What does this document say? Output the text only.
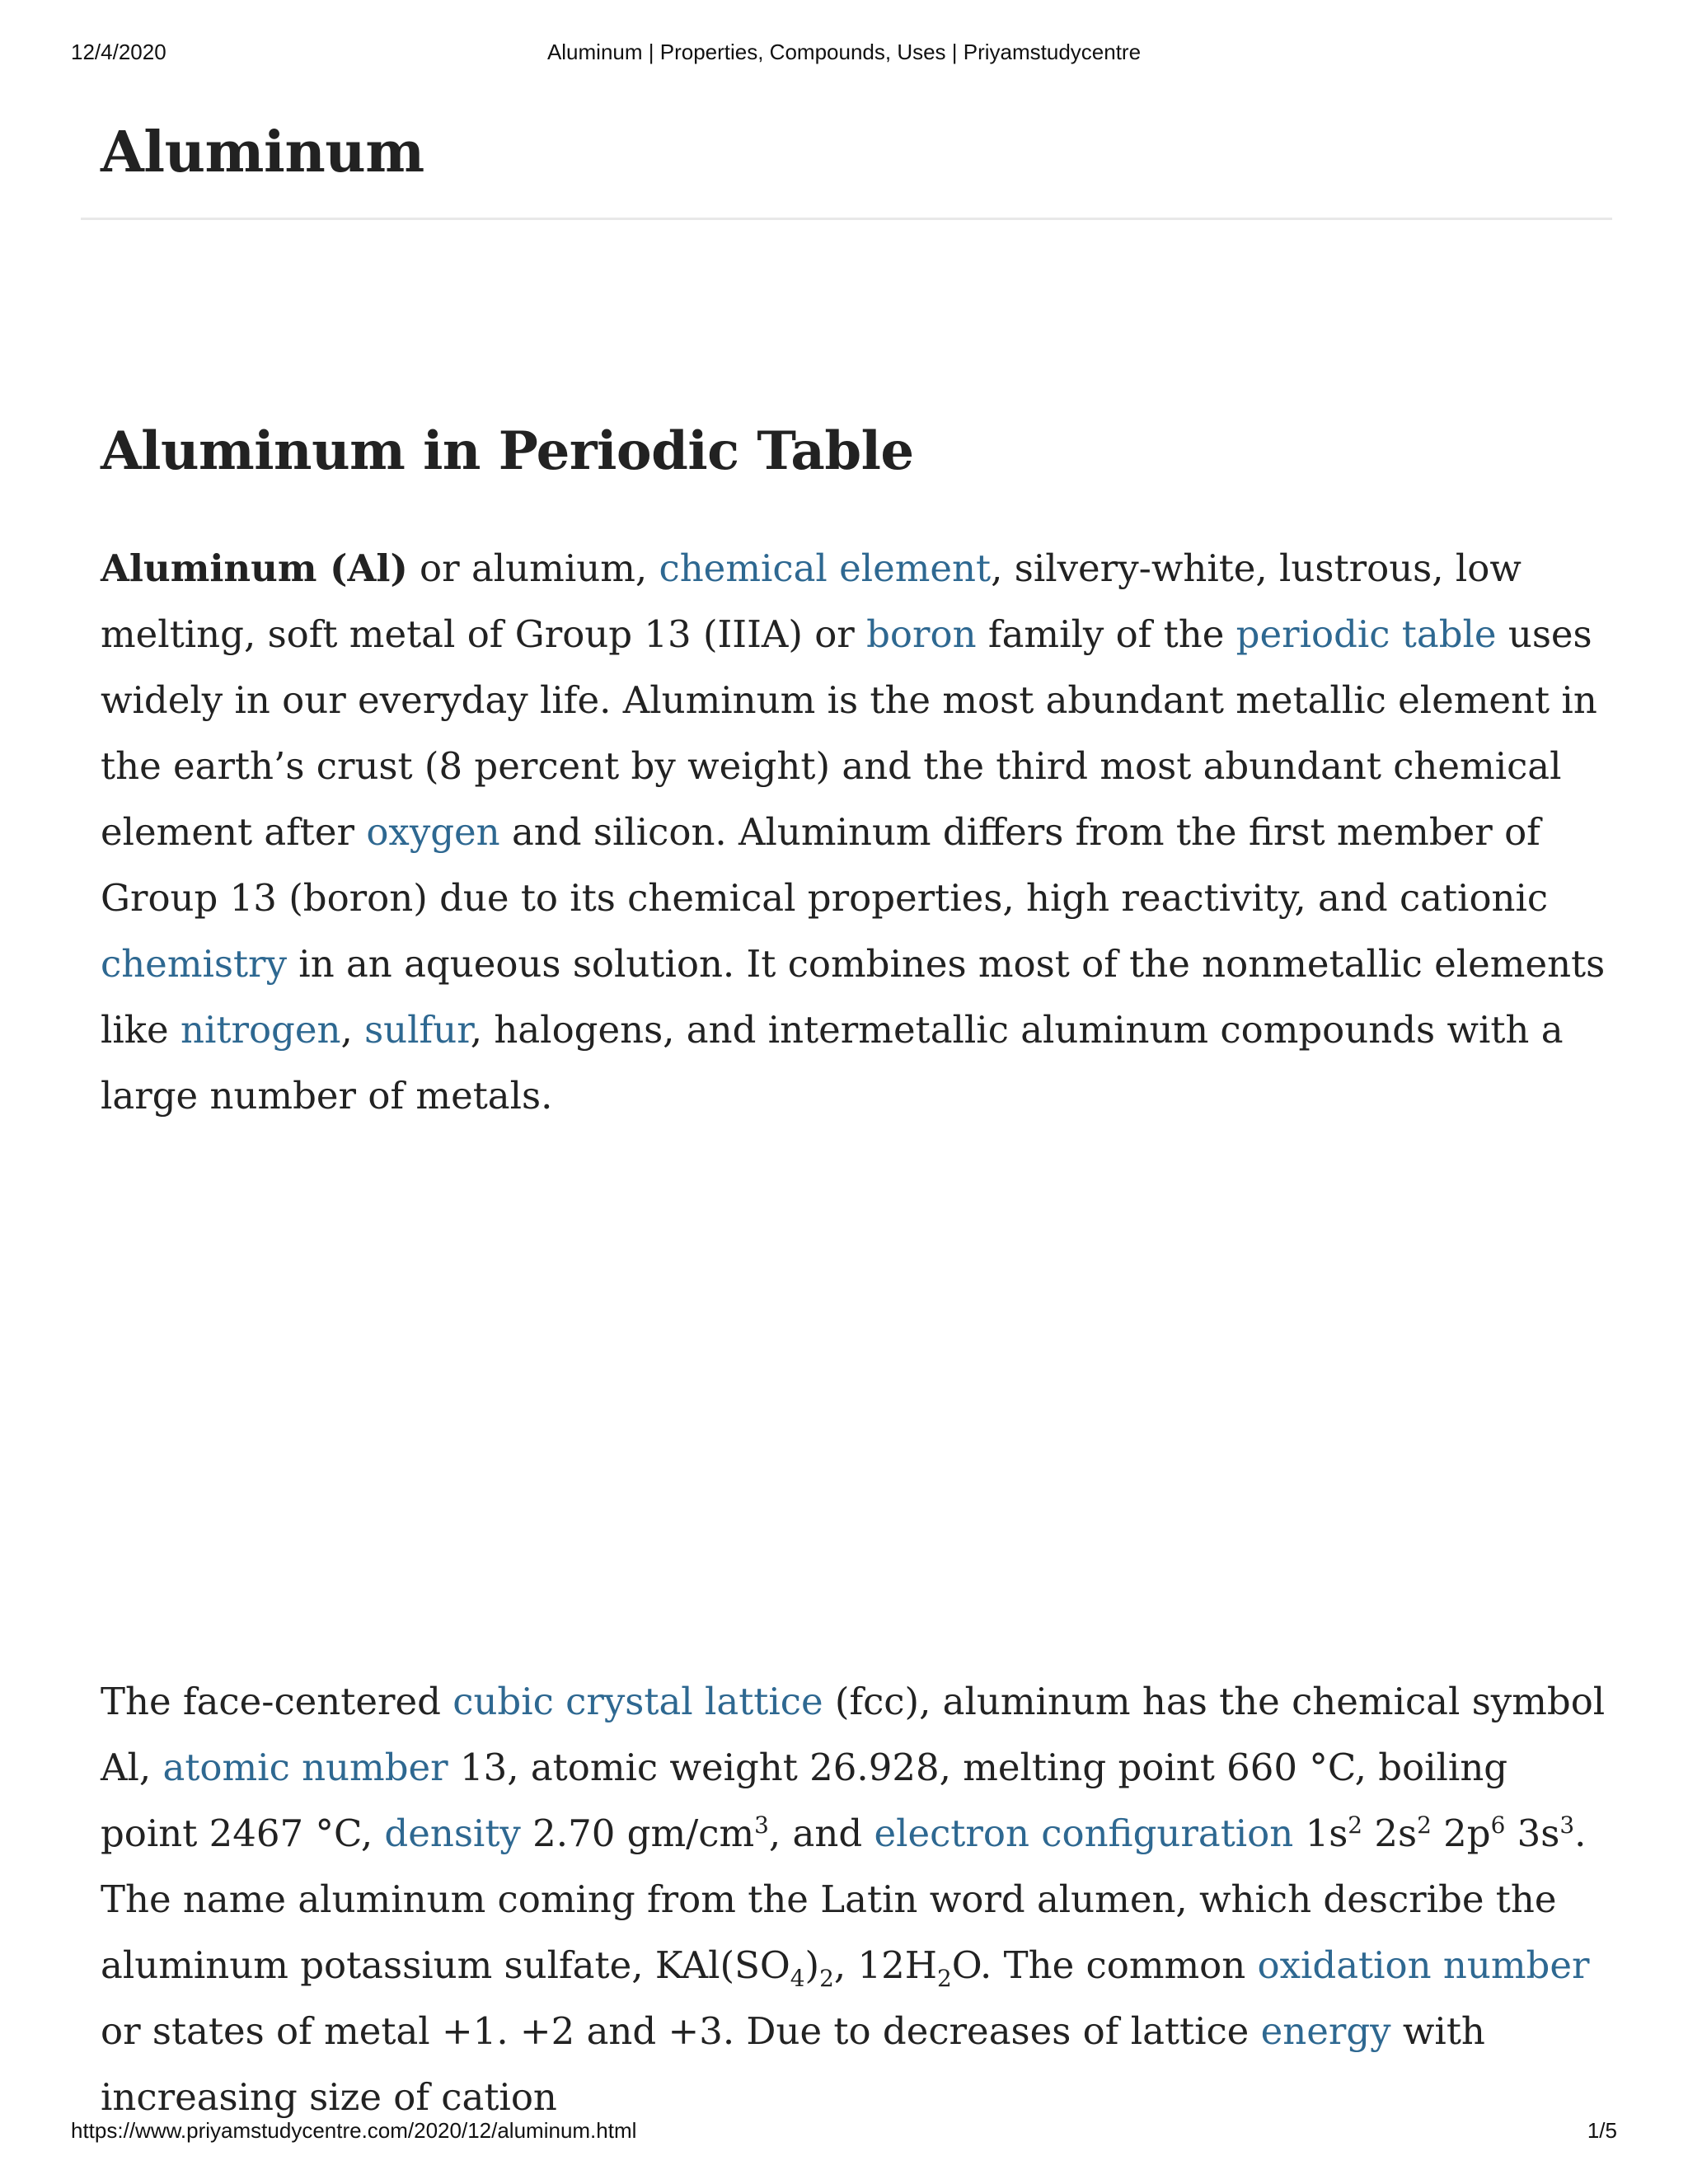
12/4/2020	Aluminum | Properties, Compounds, Uses | Priyamstudycentre
Aluminum
Aluminum in Periodic Table

Aluminum (Al) or alumium, chemical element, silvery-white, lustrous, low melting, soft metal of Group 13 (IIIA) or boron family of the periodic table uses widely in our everyday life. Aluminum is the most abundant metallic element in the earth’s crust (8 percent by weight) and the third most abundant chemical element after oxygen and silicon. Aluminum differs from the first member of Group 13 (boron) due to its chemical properties, high reactivity, and cationic chemistry in an aqueous solution. It combines most of the nonmetallic elements like nitrogen, sulfur, halogens, and intermetallic aluminum compounds with a large number of metals.

The face-centered cubic crystal lattice (fcc), aluminum has the chemical symbol Al, atomic number 13, atomic weight 26.928, melting point 660 °C, boiling point 2467 °C, density 2.70 $gm/cm^3$, and electron configuration $1s^2$ $2s^2$ $2p^6$ $3s^3$. The name aluminum coming from the Latin word alumen, which describe the aluminum potassium sulfate, $KAl(SO_4)_2$, $12H_2O$. The common oxidation number or states of metal +1. +2 and +3. Due to decreases of lattice energy with increasing size of cation

https://www.priyamstudycentre.com/2020/12/aluminum.html	1/5
